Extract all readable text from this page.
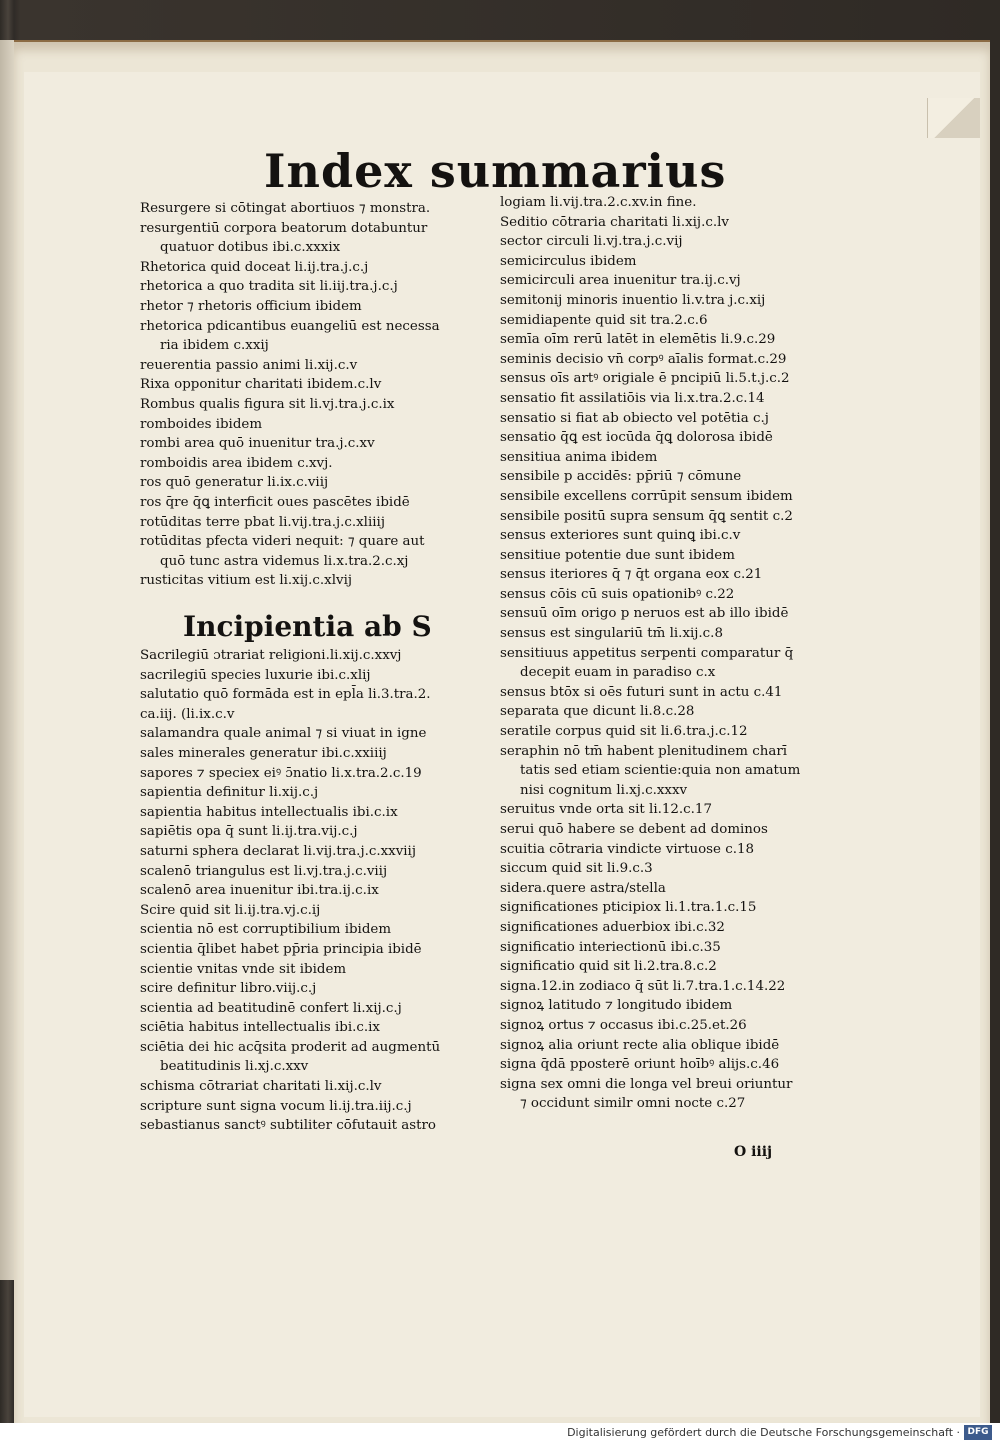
Index summarius
Resurgere si cōtingat abortiuos ⁊ monstra.
resurgentiū corpora beatorum dotabuntur
quatuor dotibus ibi.c.xxxix
Rhetorica quid doceat li.ij.tra.j.c.j
rhetorica a quo tradita sit li.iij.tra.j.c.j
rhetor ⁊ rhetoris officium ibidem
rhetorica pdicantibus euangeliū est necessa
ria ibidem c.xxij
reuerentia passio animi li.xij.c.v
Rixa opponitur charitati ibidem.c.lv
Rombus qualis figura sit li.vj.tra.j.c.ix
romboides ibidem
rombi area quō inuenitur tra.j.c.xv
romboidis area ibidem c.xvj.
ros quō generatur li.ix.c.viij
ros q̄re q̄ꝗ interficit oues pascētes ibidē
rotūditas terre pbat li.vij.tra.j.c.xliiij
rotūditas pfecta videri nequit: ⁊ quare aut
quō tunc astra videmus li.x.tra.2.c.xj
rusticitas vitium est li.xij.c.xlvij
Incipientia ab S
Sacrilegiū ɔtrariat religioni.li.xij.c.xxvj
sacrilegiū species luxurie ibi.c.xlij
salutatio quō formāda est in epl̄a li.3.tra.2.
ca.iij. (li.ix.c.v
salamandra quale animal ⁊ si viuat in igne
sales minerales generatur ibi.c.xxiiij
sapores ⁊ speciex eiꝰ ɔ̄natio li.x.tra.2.c.19
sapientia definitur li.xij.c.j
sapientia habitus intellectualis ibi.c.ix
sapiētis opa q̄ sunt li.ij.tra.vij.c.j
saturni sphera declarat li.vij.tra.j.c.xxviij
scalenō triangulus est li.vj.tra.j.c.viij
scalenō area inuenitur ibi.tra.ij.c.ix
Scire quid sit li.ij.tra.vj.c.ij
scientia nō est corruptibilium ibidem
scientia q̄libet habet pp̄ria principia ibidē
scientie vnitas vnde sit ibidem
scire definitur libro.viij.c.j
scientia ad beatitudinē confert li.xij.c.j
sciētia habitus intellectualis ibi.c.ix
sciētia dei hic acq̄sita proderit ad augmentū
beatitudinis li.xj.c.xxv
schisma cōtrariat charitati li.xij.c.lv
scripture sunt signa vocum li.ij.tra.iij.c.j
sebastianus sanctꝰ subtiliter cōfutauit astro
logiam li.vij.tra.2.c.xv.in fine.
Seditio cōtraria charitati li.xij.c.lv
sector circuli li.vj.tra.j.c.vij
semicirculus ibidem
semicirculi area inuenitur tra.ij.c.vj
semitonij minoris inuentio li.v.tra j.c.xij
semidiapente quid sit tra.2.c.6
semīa oīm rerū latēt in elemētis li.9.c.29
seminis decisio vn̄ corpꝰ aīalis format.c.29
sensus oīs artꝰ origiale ē pncipiū li.5.t.j.c.2
sensatio fit assilatiōis via li.x.tra.2.c.14
sensatio si fiat ab obiecto vel potētia c.j
sensatio q̄ꝗ est iocūda q̄ꝗ dolorosa ibidē
sensitiua anima ibidem
sensibile p accidēs: pp̄riū ⁊ cōmune
sensibile excellens corrūpit sensum ibidem
sensibile positū supra sensum q̄ꝗ sentit c.2
sensus exteriores sunt quinꝗ ibi.c.v
sensitiue potentie due sunt ibidem
sensus iteriores q̄ ⁊ q̄t organa eox c.21
sensus cōis cū suis opationibꝰ c.22
sensuū oīm origo p neruos est ab illo ibidē
sensus est singulariū tm̄ li.xij.c.8
sensitiuus appetitus serpenti comparatur q̄
decepit euam in paradiso c.x
sensus btōx si oēs futuri sunt in actu c.41
separata que dicunt li.8.c.28
seratile corpus quid sit li.6.tra.j.c.12
seraphin nō tm̄ habent plenitudinem charī
tatis sed etiam scientie:quia non amatum
nisi cognitum li.xj.c.xxxv
seruitus vnde orta sit li.12.c.17
serui quō habere se debent ad dominos
scuitia cōtraria vindicte virtuose c.18
siccum quid sit li.9.c.3
sidera.quere astra/stella
significationes pticipiox li.1.tra.1.c.15
significationes aduerbiox ibi.c.32
significatio interiectionū ibi.c.35
significatio quid sit li.2.tra.8.c.2
signa.12.in zodiaco q̄ sūt li.7.tra.1.c.14.22
signoꝝ latitudo ⁊ longitudo ibidem
signoꝝ ortus ⁊ occasus ibi.c.25.et.26
signoꝝ alia oriunt recte alia oblique ibidē
signa q̄dā pposterē oriunt hoībꝰ alijs.c.46
signa sex omni die longa vel breui oriuntur
⁊ occidunt similr omni nocte c.27
O iiij
Digitalisierung gefördert durch die Deutsche Forschungsgemeinschaft · DFG
